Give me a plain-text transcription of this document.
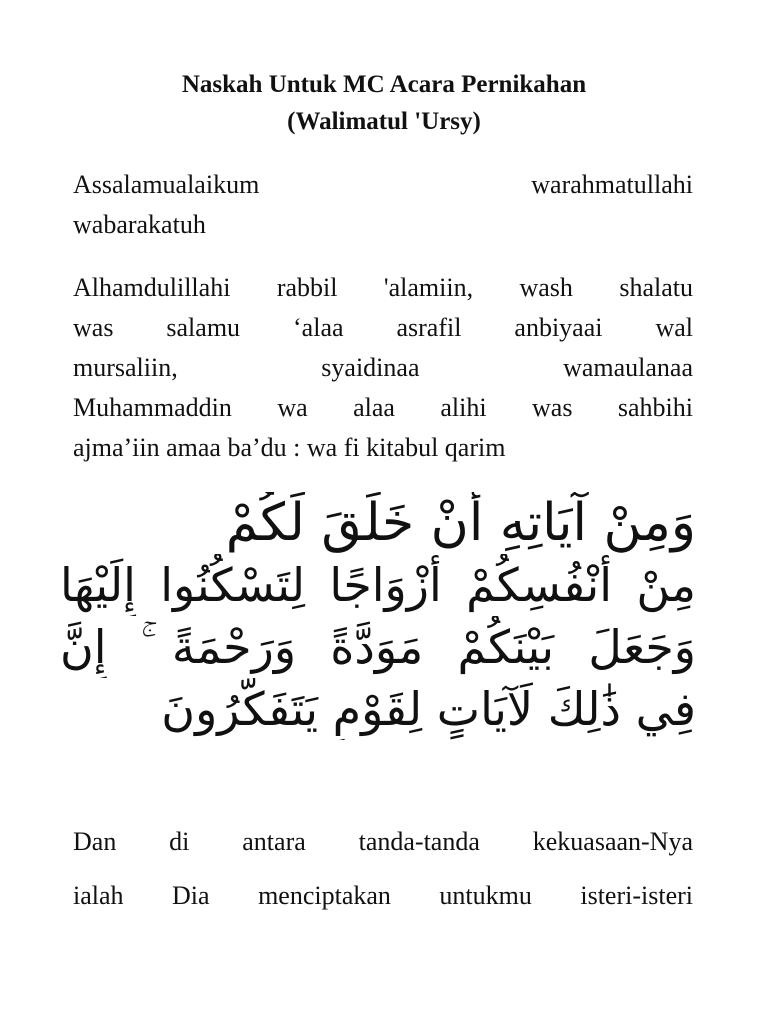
Naskah Untuk MC Acara Pernikahan
(Walimatul 'Ursy)
Assalamualaikum warahmatullahi
wabarakatuh
Alhamdulillahi rabbil 'alamiin, wash shalatu
was salamu ‘alaa asrafil anbiyaai wal
mursaliin, syaidinaa wamaulanaa
Muhammaddin wa alaa alihi was sahbihi
ajma’iin amaa ba’du : wa fi kitabul qarim
وَمِنْ آيَاتِهِ أَنْ خَلَقَ لَكُمْ
مِنْ أَنْفُسِكُمْ أَزْوَاجًا لِتَسْكُنُوا إِلَيْهَا
وَجَعَلَ بَيْنَكُمْ مَوَدَّةً وَرَحْمَةً ۚ إِنَّ
فِي ذَٰلِكَ لَآيَاتٍ لِقَوْمٍ يَتَفَكَّرُونَ
Dan di antara tanda-tanda kekuasaan-Nya
ialah Dia menciptakan untukmu isteri-isteri
